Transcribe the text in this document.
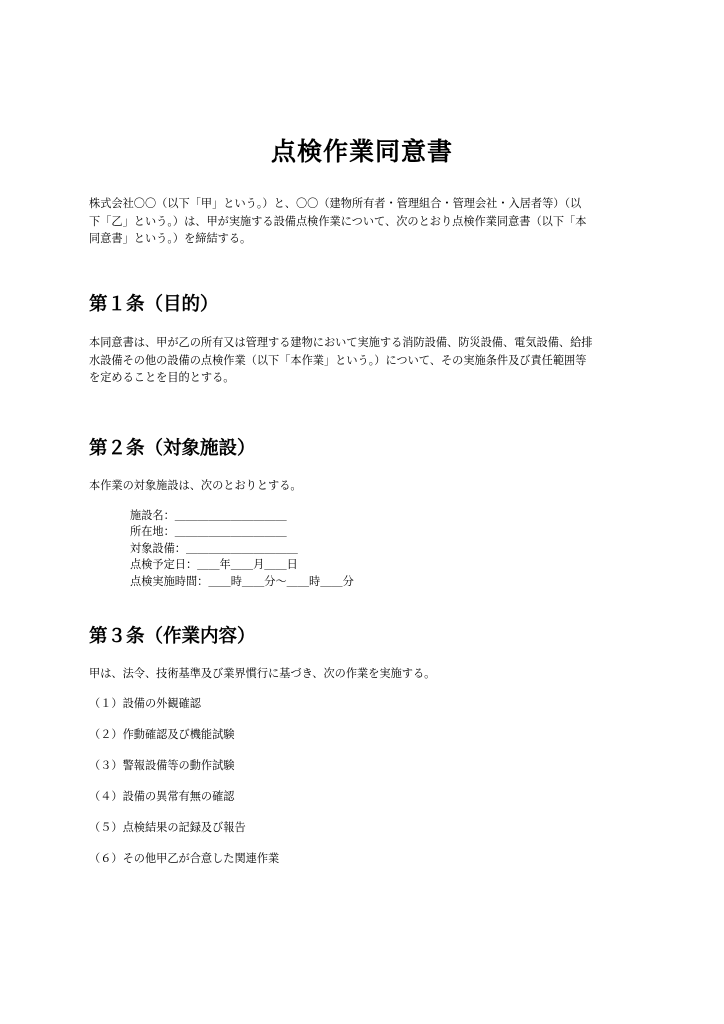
点検作業同意書
株式会社〇〇（以下「甲」という。）と、〇〇（建物所有者・管理組合・管理会社・入居者等）（以
下「乙」という。）は、甲が実施する設備点検作業について、次のとおり点検作業同意書（以下「本
同意書」という。）を締結する。
第１条（目的）
本同意書は、甲が乙の所有又は管理する建物において実施する消防設備、防災設備、電気設備、給排
水設備その他の設備の点検作業（以下「本作業」という。）について、その実施条件及び責任範囲等
を定めることを目的とする。
第２条（対象施設）

本作業の対象施設は、次のとおりとする。

施設名：＿＿＿＿＿＿＿＿＿＿
所在地：＿＿＿＿＿＿＿＿＿＿
対象設備：＿＿＿＿＿＿＿＿＿＿
点検予定日：＿＿年＿＿月＿＿日
点検実施時間：＿＿時＿＿分～＿＿時＿＿分
第３条（作業内容）

甲は、法令、技術基準及び業界慣行に基づき、次の作業を実施する。

（１）設備の外観確認

（２）作動確認及び機能試験

（３）警報設備等の動作試験

（４）設備の異常有無の確認

（５）点検結果の記録及び報告

（６）その他甲乙が合意した関連作業
